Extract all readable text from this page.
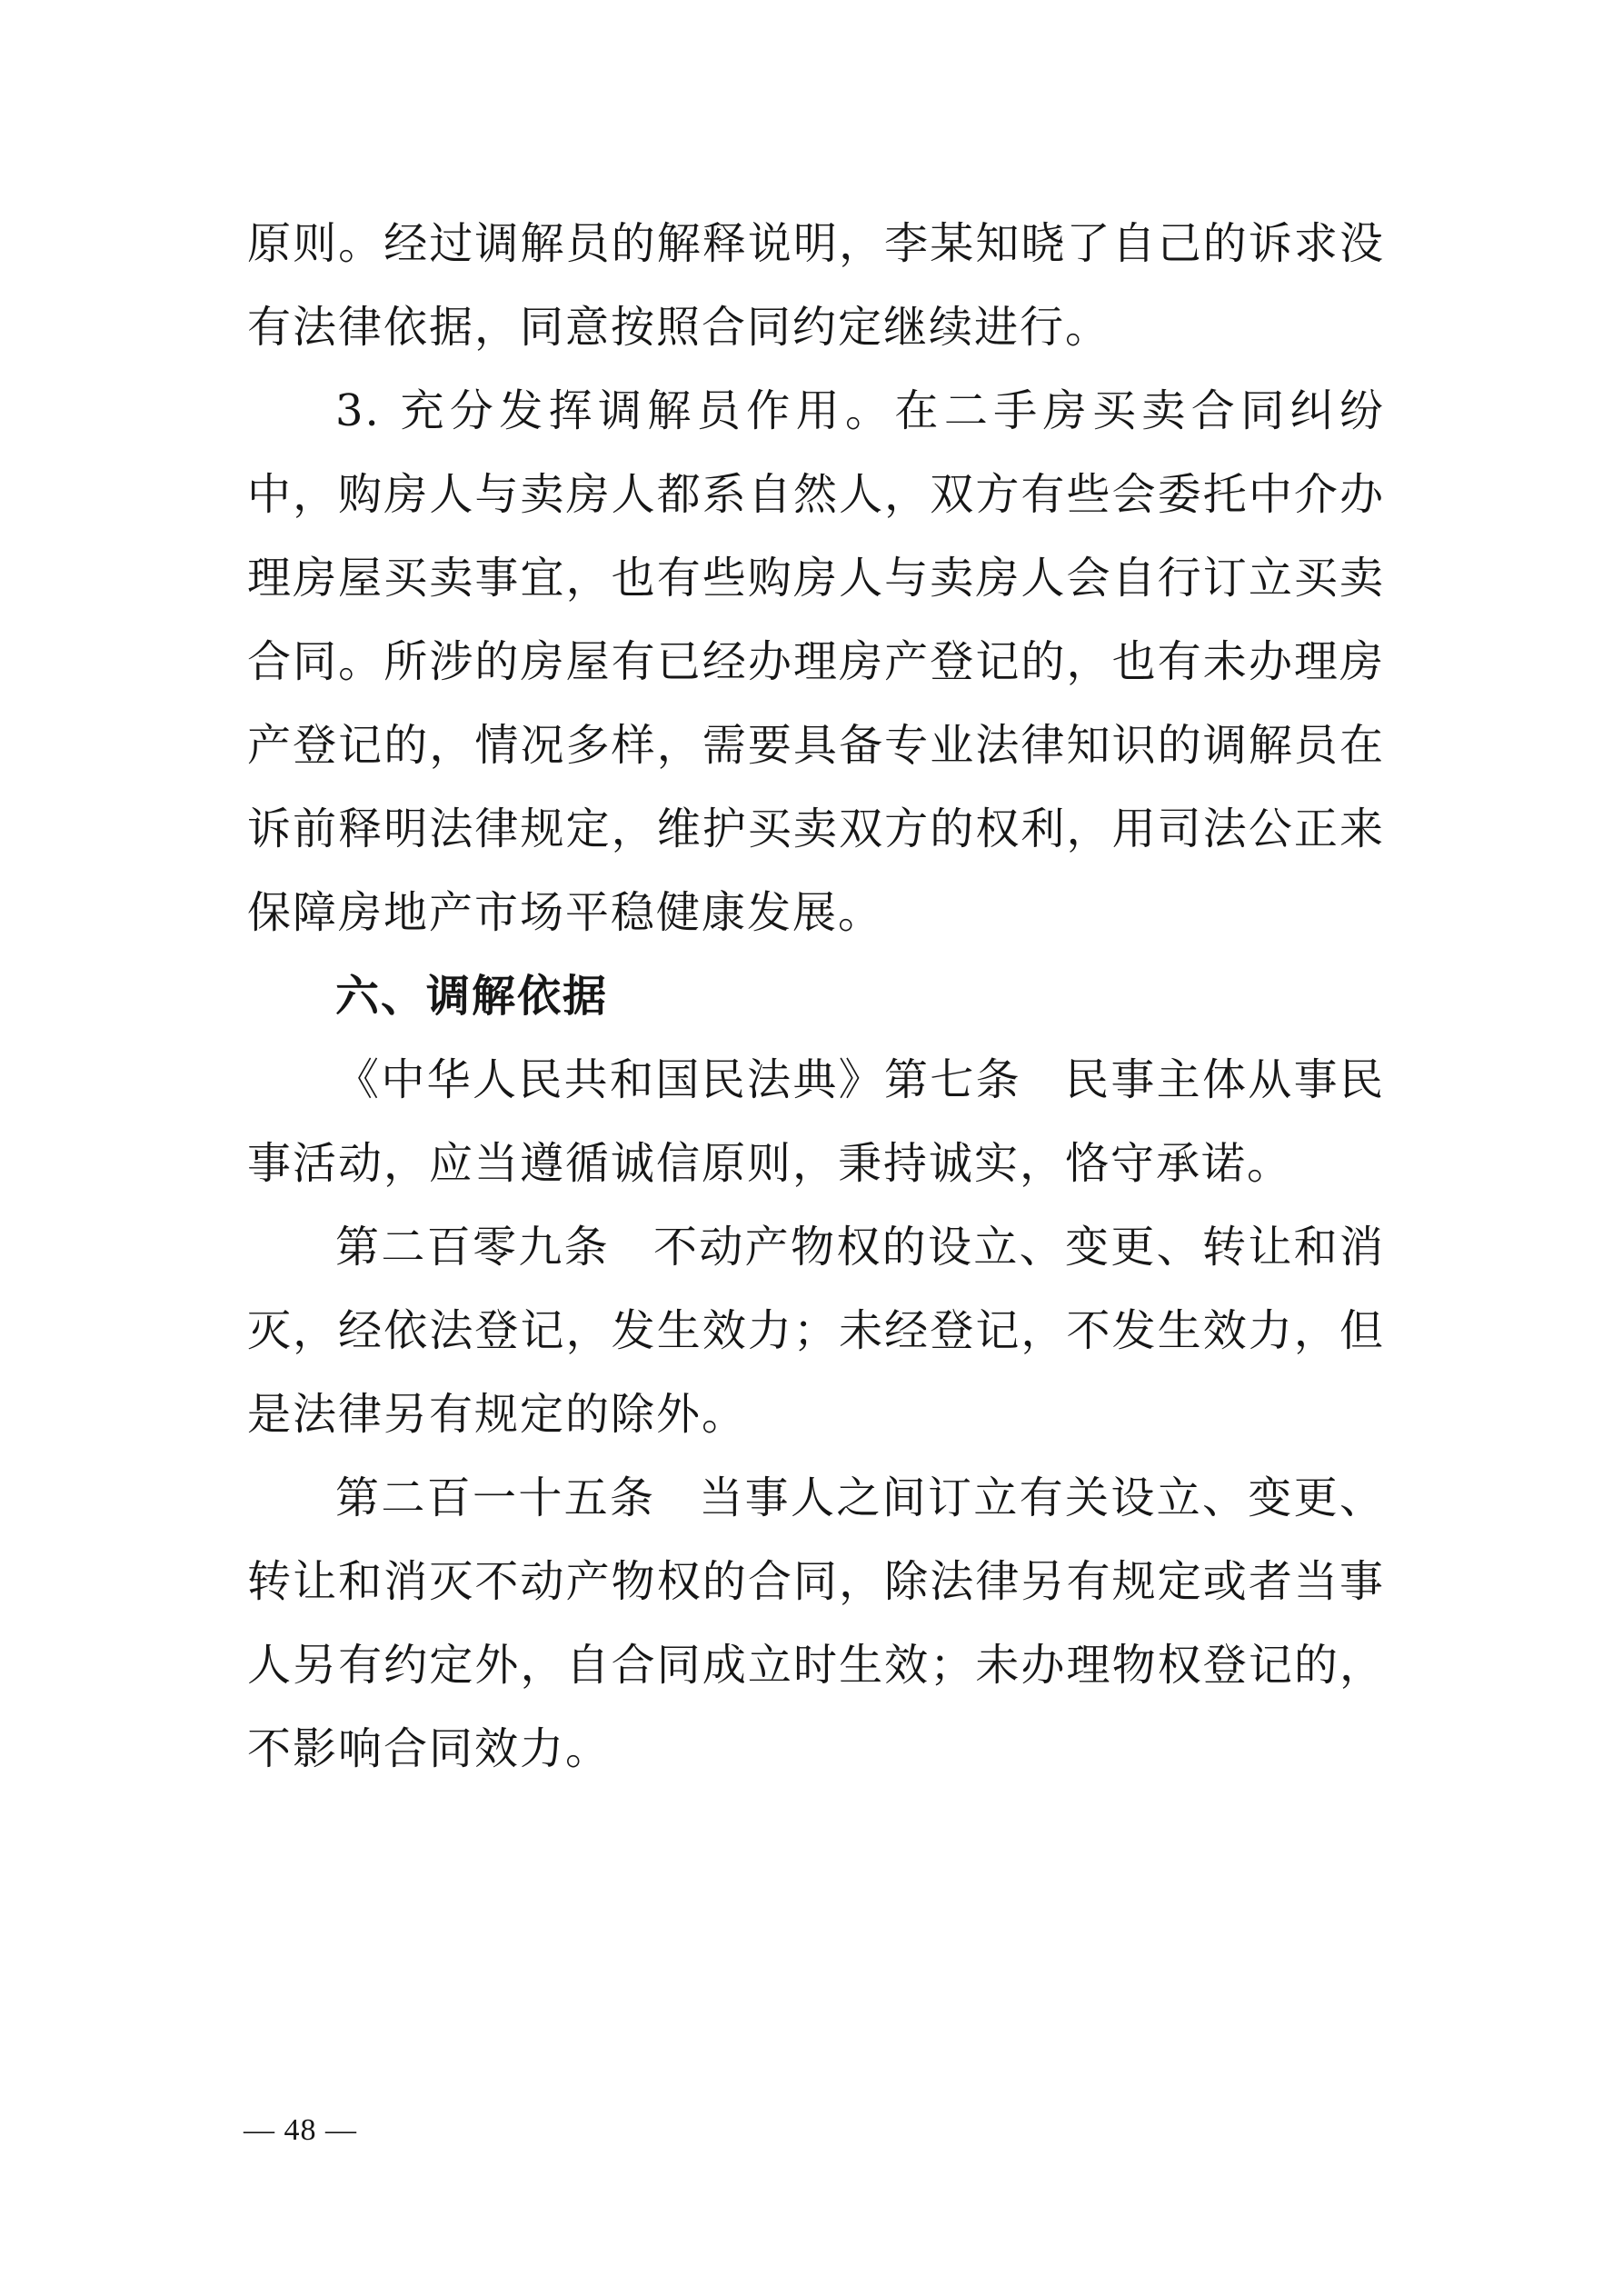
原则。经过调解员的解释说明，李某知晓了自己的诉求没有法律依据，同意按照合同约定继续进行。

3. 充分发挥调解员作用。在二手房买卖合同纠纷中，购房人与卖房人都系自然人，双方有些会委托中介办理房屋买卖事宜，也有些购房人与卖房人会自行订立买卖合同。所涉的房屋有已经办理房产登记的，也有未办理房产登记的，情况多样，需要具备专业法律知识的调解员在诉前释明法律规定，维护买卖双方的权利，用司法公正来保障房地产市场平稳健康发展。

六、调解依据

《中华人民共和国民法典》第七条 民事主体从事民事活动，应当遵循诚信原则，秉持诚实，恪守承诺。

第二百零九条 不动产物权的设立、变更、转让和消灭，经依法登记，发生效力；未经登记，不发生效力，但是法律另有规定的除外。

第二百一十五条 当事人之间订立有关设立、变更、转让和消灭不动产物权的合同，除法律另有规定或者当事人另有约定外，自合同成立时生效；未办理物权登记的，不影响合同效力。

— 48 —
